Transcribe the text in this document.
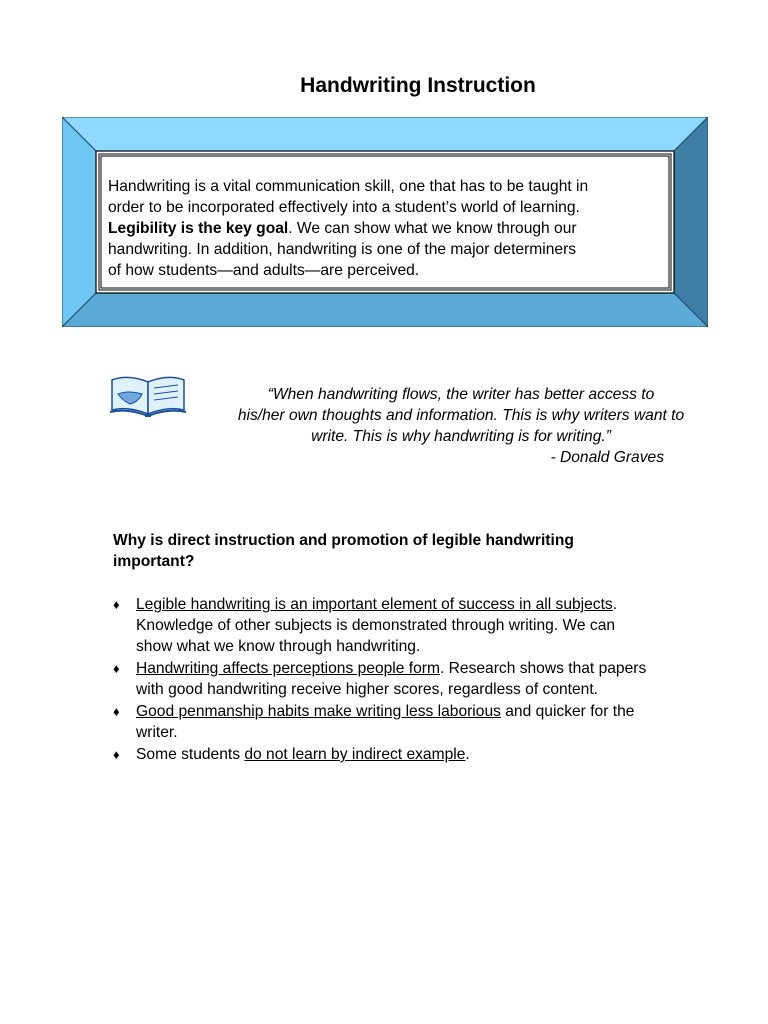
Handwriting Instruction
Handwriting is a vital communication skill, one that has to be taught in
order to be incorporated effectively into a student’s world of learning.
Legibility is the key goal. We can show what we know through our
handwriting. In addition, handwriting is one of the major determiners
of how students—and adults—are perceived.
“When handwriting flows, the writer has better access to
his/her own thoughts and information. This is why writers want to
write. This is why handwriting is for writing.”
- Donald Graves
Why is direct instruction and promotion of legible handwriting
important?
♦ Legible handwriting is an important element of success in all subjects.
Knowledge of other subjects is demonstrated through writing. We can
show what we know through handwriting.
♦ Handwriting affects perceptions people form. Research shows that papers
with good handwriting receive higher scores, regardless of content.
♦ Good penmanship habits make writing less laborious and quicker for the
writer.
♦ Some students do not learn by indirect example.
